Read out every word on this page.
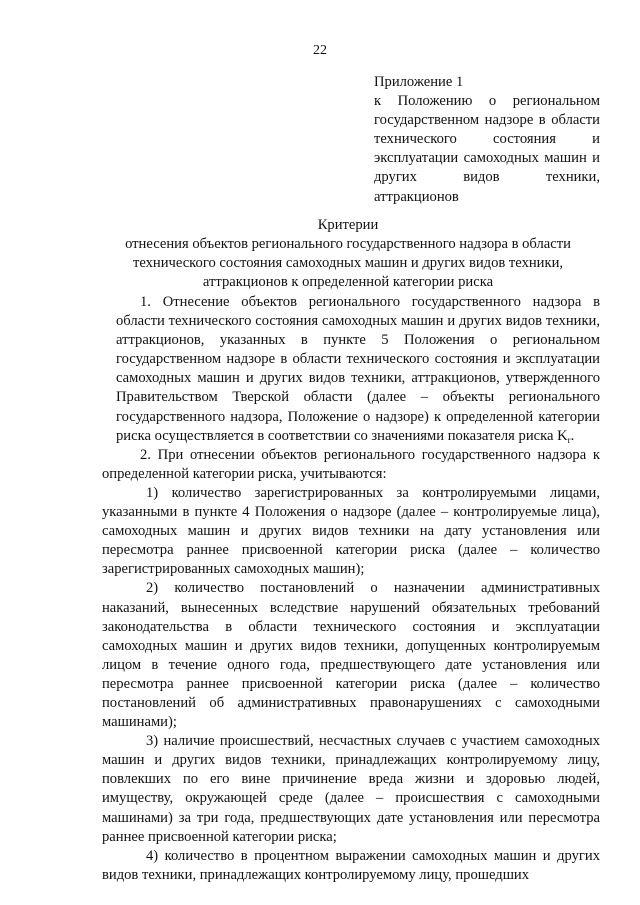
22
Приложение 1
к Положению о региональном государственном надзоре в области технического состояния и эксплуатации самоходных машин и других видов техники, аттракционов
Критерии
отнесения объектов регионального государственного надзора в области технического состояния самоходных машин и других видов техники, аттракционов к определенной категории риска

1. Отнесение объектов регионального государственного надзора в области технического состояния самоходных машин и других видов техники, аттракционов, указанных в пункте 5 Положения о региональном государственном надзоре в области технического состояния и эксплуатации самоходных машин и других видов техники, аттракционов, утвержденного Правительством Тверской области (далее – объекты регионального государственного надзора, Положение о надзоре) к определенной категории риска осуществляется в соответствии со значениями показателя риска $K_r$.

2. При отнесении объектов регионального государственного надзора к определенной категории риска, учитываются:

1) количество зарегистрированных за контролируемыми лицами, указанными в пункте 4 Положения о надзоре (далее – контролируемые лица), самоходных машин и других видов техники на дату установления или пересмотра раннее присвоенной категории риска (далее – количество зарегистрированных самоходных машин);

2) количество постановлений о назначении административных наказаний, вынесенных вследствие нарушений обязательных требований законодательства в области технического состояния и эксплуатации самоходных машин и других видов техники, допущенных контролируемым лицом в течение одного года, предшествующего дате установления или пересмотра раннее присвоенной категории риска (далее – количество постановлений об административных правонарушениях с самоходными машинами);

3) наличие происшествий, несчастных случаев с участием самоходных машин и других видов техники, принадлежащих контролируемому лицу, повлекших по его вине причинение вреда жизни и здоровью людей, имуществу, окружающей среде (далее – происшествия с самоходными машинами) за три года, предшествующих дате установления или пересмотра раннее присвоенной категории риска;

4) количество в процентном выражении самоходных машин и других видов техники, принадлежащих контролируемому лицу, прошедших
